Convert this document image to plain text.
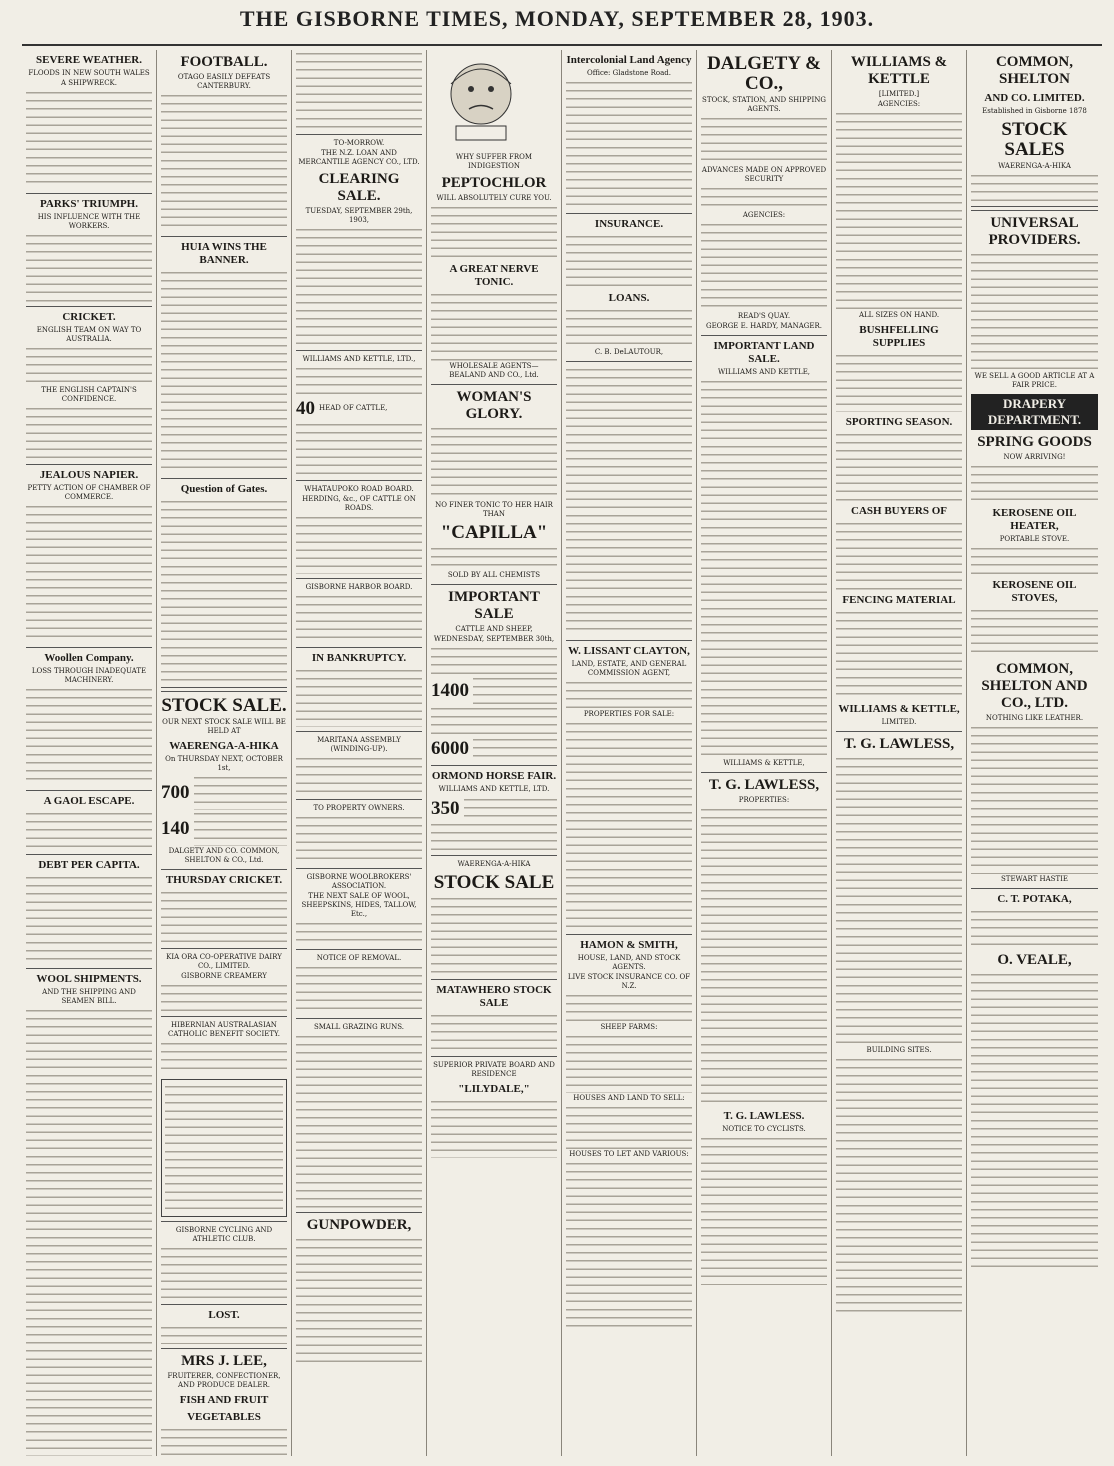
THE GISBORNE TIMES, MONDAY, SEPTEMBER 28, 1903.
SEVERE WEATHER.
FLOODS IN NEW SOUTH WALES
A SHIPWRECK.
PARKS' TRIUMPH.
HIS INFLUENCE WITH THE WORKERS.
CRICKET.
ENGLISH TEAM ON WAY TO AUSTRALIA.
THE ENGLISH CAPTAIN'S CONFIDENCE.
JEALOUS NAPIER.
PETTY ACTION OF CHAMBER OF COMMERCE.
Woollen Company.
LOSS THROUGH INADEQUATE MACHINERY.
A GAOL ESCAPE.
DEBT PER CAPITA.
WOOL SHIPMENTS.
AND THE SHIPPING AND SEAMEN BILL.
FOOTBALL.
OTAGO EASILY DEFEATS CANTERBURY.
HUIA WINS THE BANNER.
Question of Gates.
STOCK SALE.
OUR NEXT STOCK SALE WILL BE HELD AT
WAERENGA-A-HIKA
On THURSDAY NEXT, OCTOBER 1st,
700
140
DALGETY AND CO. COMMON, SHELTON & CO., Ltd.
THURSDAY CRICKET.
KIA ORA CO-OPERATIVE DAIRY CO., LIMITED.
GISBORNE CREAMERY
HIBERNIAN AUSTRALASIAN CATHOLIC BENEFIT SOCIETY.
GISBORNE CYCLING AND ATHLETIC CLUB.
LOST.
MRS J. LEE,
FRUITERER, CONFECTIONER, AND PRODUCE DEALER.
FISH AND FRUIT
VEGETABLES
TO-MORROW.
THE N.Z. LOAN AND MERCANTILE AGENCY CO., LTD.
CLEARING SALE.
TUESDAY, SEPTEMBER 29th, 1903,
WILLIAMS AND KETTLE, LTD.,
40 HEAD OF CATTLE,
WHATAUPOKO ROAD BOARD.
HERDING, &c., OF CATTLE ON ROADS.
GISBORNE HARBOR BOARD.
IN BANKRUPTCY.
MARITANA ASSEMBLY (WINDING-UP).
TO PROPERTY OWNERS.
GISBORNE WOOLBROKERS' ASSOCIATION.
THE NEXT SALE OF WOOL, SHEEPSKINS, HIDES, TALLOW, Etc.,
NOTICE OF REMOVAL.
SMALL GRAZING RUNS.
GUNPOWDER,
WHY SUFFER FROM INDIGESTION
PEPTOCHLOR
WILL ABSOLUTELY CURE YOU.
A GREAT NERVE TONIC.
WHOLESALE AGENTS— BEALAND AND CO., Ltd.
WOMAN'S GLORY.
NO FINER TONIC TO HER HAIR THAN
"CAPILLA"
SOLD BY ALL CHEMISTS
IMPORTANT SALE
CATTLE AND SHEEP,
WEDNESDAY, SEPTEMBER 30th,
1400
6000
ORMOND HORSE FAIR.
WILLIAMS AND KETTLE, LTD.
350
WAERENGA-A-HIKA
STOCK SALE
MATAWHERO STOCK SALE
SUPERIOR PRIVATE BOARD AND RESIDENCE
"LILYDALE,"
Intercolonial Land Agency
Office: Gladstone Road.
INSURANCE.
LOANS.
C. B. DeLAUTOUR,
W. LISSANT CLAYTON,
LAND, ESTATE, AND GENERAL COMMISSION AGENT,
PROPERTIES FOR SALE:
HAMON & SMITH,
HOUSE, LAND, AND STOCK AGENTS.
LIVE STOCK INSURANCE CO. OF N.Z.
SHEEP FARMS:
HOUSES AND LAND TO SELL:
HOUSES TO LET AND VARIOUS:
DALGETY & CO.,
STOCK, STATION, AND SHIPPING AGENTS.
ADVANCES MADE ON APPROVED SECURITY
AGENCIES:
READ'S QUAY.
GEORGE E. HARDY, MANAGER.
IMPORTANT LAND SALE.
WILLIAMS AND KETTLE,
WILLIAMS & KETTLE,
T. G. LAWLESS,
PROPERTIES:
T. G. LAWLESS.
NOTICE TO CYCLISTS.
WILLIAMS & KETTLE
[LIMITED.]
AGENCIES:
ALL SIZES ON HAND.
BUSHFELLING SUPPLIES
SPORTING SEASON.
CASH BUYERS OF
FENCING MATERIAL
WILLIAMS & KETTLE,
LIMITED.
T. G. LAWLESS,
BUILDING SITES.
COMMON, SHELTON
AND CO. LIMITED.
Established in Gisborne 1878
STOCK SALES
WAERENGA-A-HIKA
UNIVERSAL PROVIDERS.
WE SELL A GOOD ARTICLE AT A FAIR PRICE.
DRAPERY DEPARTMENT.
SPRING GOODS
NOW ARRIVING!
KEROSENE OIL HEATER,
PORTABLE STOVE.
KEROSENE OIL STOVES,
COMMON, SHELTON AND CO., LTD.
NOTHING LIKE LEATHER.
STEWART HASTIE
C. T. POTAKA,
O. VEALE,
